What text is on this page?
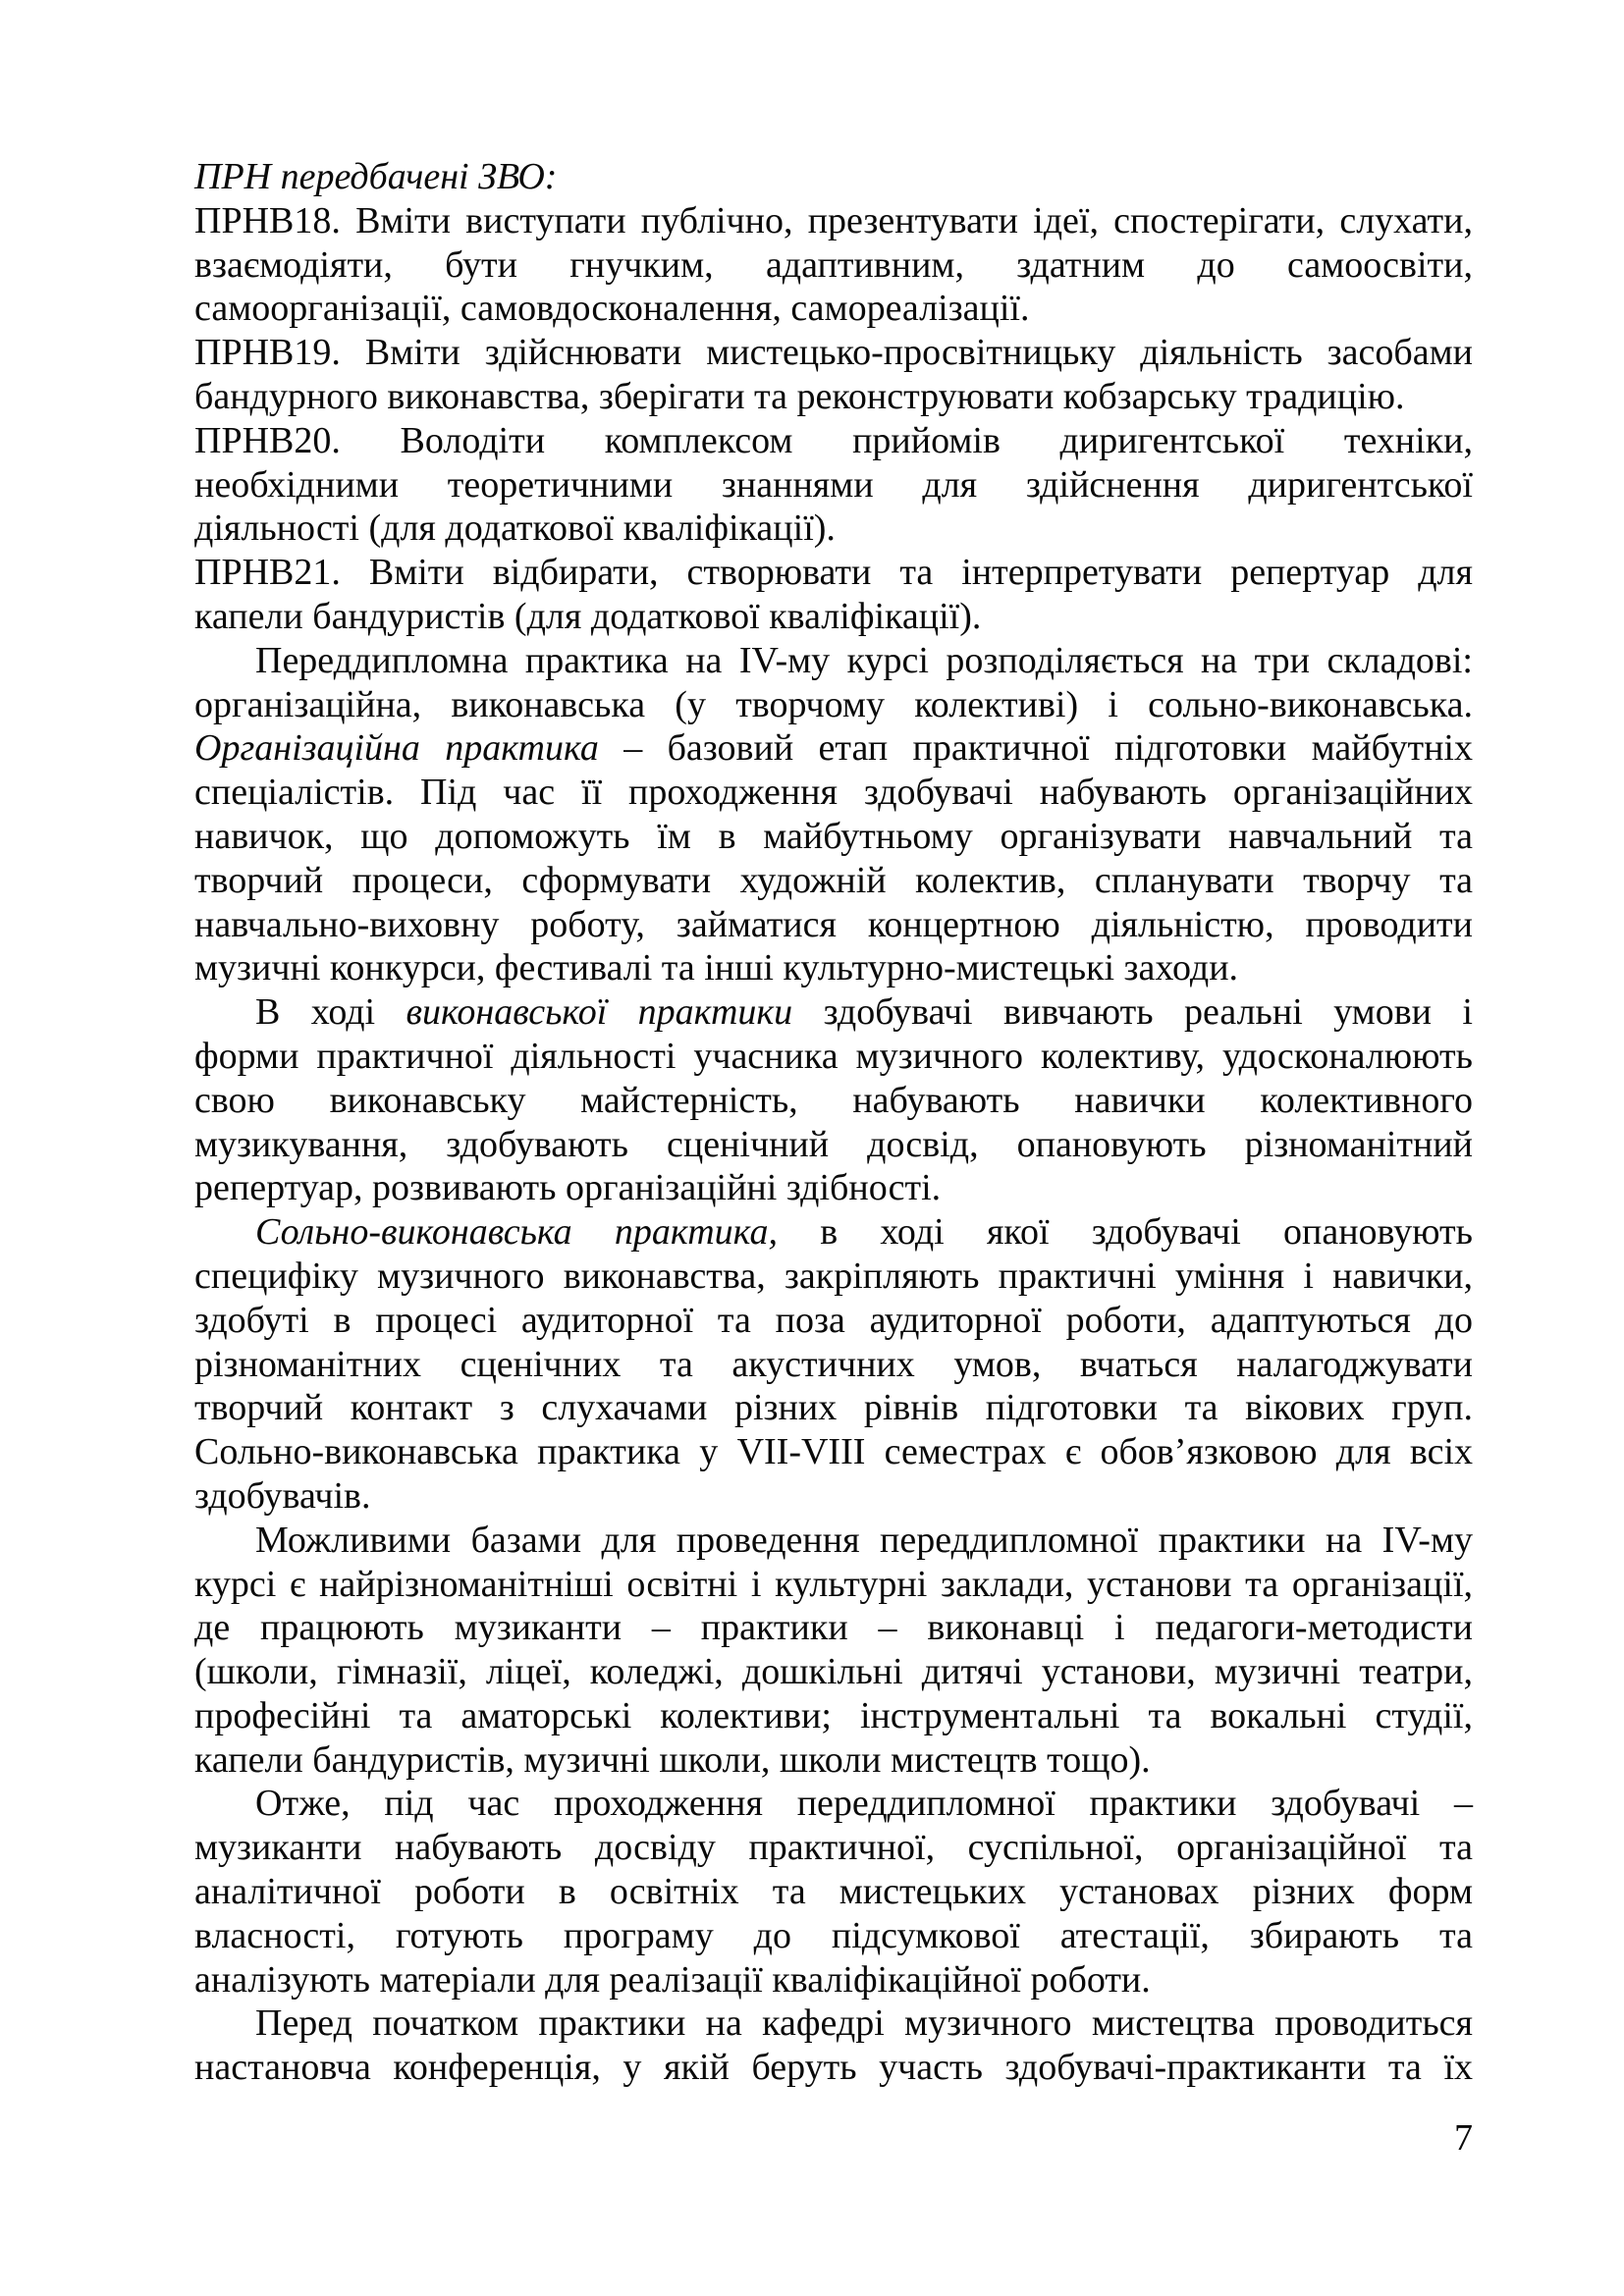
ПРН передбачені ЗВО:
ПРНВ18. Вміти виступати публічно, презентувати ідеї, спостерігати, слухати,
взаємодіяти, бути гнучким, адаптивним, здатним до самоосвіти,
самоорганізації, самовдосконалення, самореалізації.
ПРНВ19. Вміти здійснювати мистецько-просвітницьку діяльність засобами
бандурного виконавства, зберігати та реконструювати кобзарську традицію.
ПРНВ20. Володіти комплексом прийомів диригентської техніки,
необхідними теоретичними знаннями для здійснення диригентської
діяльності (для додаткової кваліфікації).
ПРНВ21. Вміти відбирати, створювати та інтерпретувати репертуар для
капели бандуристів (для додаткової кваліфікації).
Переддипломна практика на IV-му курсі розподіляється на три складові:
організаційна, виконавська (у творчому колективі) і сольно-виконавська.
Організаційна практика – базовий етап практичної підготовки майбутніх
спеціалістів. Під час її проходження здобувачі набувають організаційних
навичок, що допоможуть їм в майбутньому організувати навчальний та
творчий процеси, сформувати художній колектив, спланувати творчу та
навчально-виховну роботу, займатися концертною діяльністю, проводити
музичні конкурси, фестивалі та інші культурно-мистецькі заходи.
В ході виконавської практики здобувачі вивчають реальні умови і
форми практичної діяльності учасника музичного колективу, удосконалюють
свою виконавську майстерність, набувають навички колективного
музикування, здобувають сценічний досвід, опановують різноманітний
репертуар, розвивають організаційні здібності.
Сольно-виконавська практика, в ході якої здобувачі опановують
специфіку музичного виконавства, закріпляють практичні уміння і навички,
здобуті в процесі аудиторної та поза аудиторної роботи, адаптуються до
різноманітних сценічних та акустичних умов, вчаться налагоджувати
творчий контакт з слухачами різних рівнів підготовки та вікових груп.
Сольно-виконавська практика у VII-VIII семестрах є обов’язковою для всіх
здобувачів.
Можливими базами для проведення переддипломної практики на IV-му
курсі є найрізноманітніші освітні і культурні заклади, установи та організації,
де працюють музиканти – практики – виконавці і педагоги-методисти
(школи, гімназії, ліцеї, коледжі, дошкільні дитячі установи, музичні театри,
професійні та аматорські колективи; інструментальні та вокальні студії,
капели бандуристів, музичні школи, школи мистецтв тощо).
Отже, під час проходження переддипломної практики здобувачі –
музиканти набувають досвіду практичної, суспільної, організаційної та
аналітичної роботи в освітніх та мистецьких установах різних форм
власності, готують програму до підсумкової атестації, збирають та
аналізують матеріали для реалізації кваліфікаційної роботи.
Перед початком практики на кафедрі музичного мистецтва проводиться
настановча конференція, у якій беруть участь здобувачі-практиканти та їх
7
